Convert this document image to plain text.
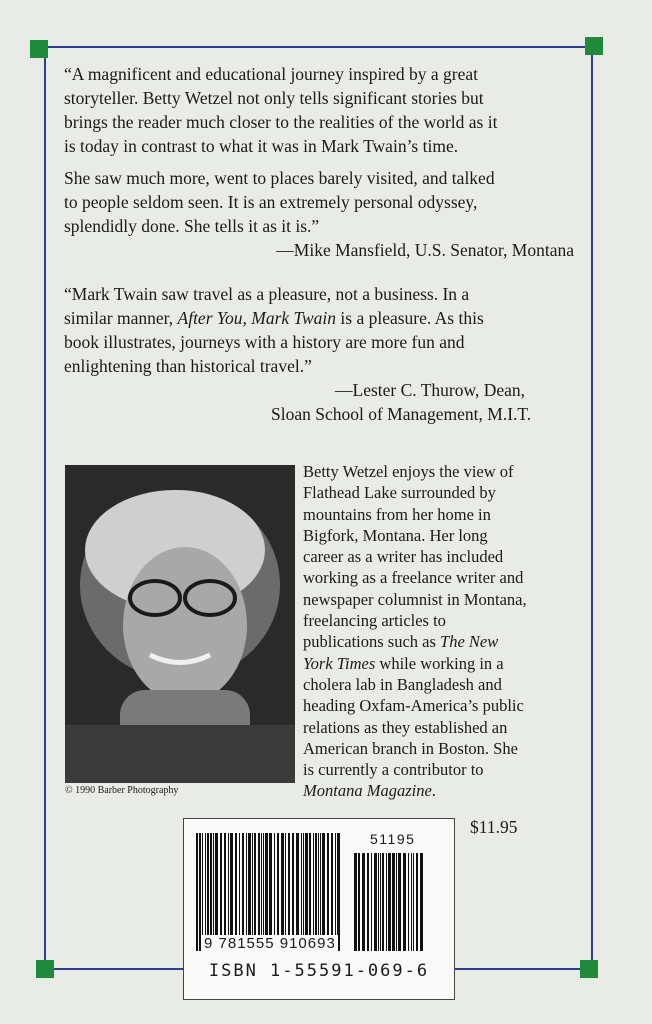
“A magnificent and educational journey inspired by a great

storyteller. Betty Wetzel not only tells significant stories but

brings the reader much closer to the realities of the world as it

is today in contrast to what it was in Mark Twain’s time.

She saw much more, went to places barely visited, and talked

to people seldom seen. It is an extremely personal odyssey,

splendidly done. She tells it as it is.”

—Mike Mansfield, U.S. Senator, Montana

“Mark Twain saw travel as a pleasure, not a business. In a

similar manner, After You, Mark Twain is a pleasure. As this

book illustrates, journeys with a history are more fun and

enlightening than historical travel.”

—Lester C. Thurow, Dean,

Sloan School of Management, M.I.T.

© 1990 Barber Photography
Betty Wetzel enjoys the view of
Flathead Lake surrounded by
mountains from her home in
Bigfork, Montana. Her long
career as a writer has included
working as a freelance writer and
newspaper columnist in Montana,
freelancing articles to
publications such as The New
York Times while working in a
cholera lab in Bangladesh and
heading Oxfam-America’s public
relations as they established an
American branch in Boston. She
is currently a contributor to
Montana Magazine.
51195
9 781555 910693
ISBN 1-55591-069-6
$11.95
